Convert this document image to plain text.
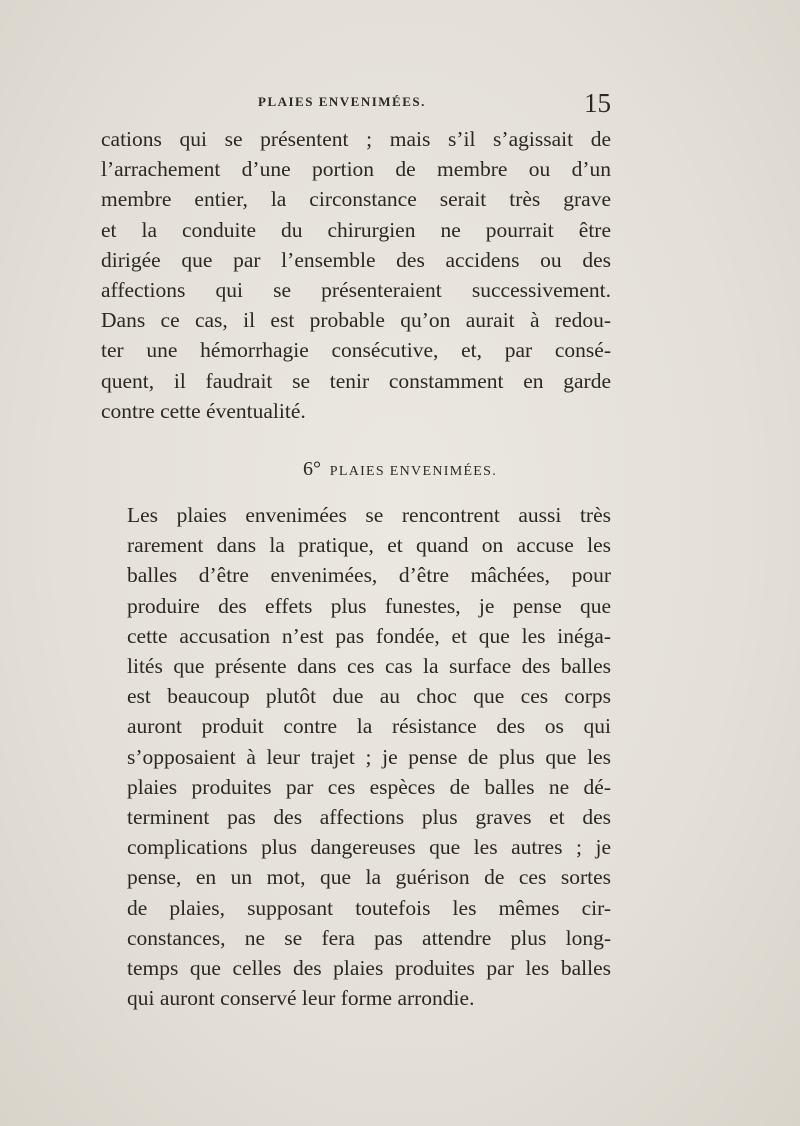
PLAIES ENVENIMÉES.	15
cations qui se présentent ; mais s’il s’agissait de
l’arrachement d’une portion de membre ou d’un
membre entier, la circonstance serait très grave
et la conduite du chirurgien ne pourrait être
dirigée que par l’ensemble des accidens ou des
affections qui se présenteraient successivement.
Dans ce cas, il est probable qu’on aurait à redou-
ter une hémorrhagie consécutive, et, par consé-
quent, il faudrait se tenir constamment en garde
contre cette éventualité.
6° PLAIES ENVENIMÉES.
Les plaies envenimées se rencontrent aussi très
rarement dans la pratique, et quand on accuse les
balles d’être envenimées, d’être mâchées, pour
produire des effets plus funestes, je pense que
cette accusation n’est pas fondée, et que les inéga-
lités que présente dans ces cas la surface des balles
est beaucoup plutôt due au choc que ces corps
auront produit contre la résistance des os qui
s’opposaient à leur trajet ; je pense de plus que les
plaies produites par ces espèces de balles ne dé-
terminent pas des affections plus graves et des
complications plus dangereuses que les autres ; je
pense, en un mot, que la guérison de ces sortes
de plaies, supposant toutefois les mêmes cir-
constances, ne se fera pas attendre plus long-
temps que celles des plaies produites par les balles
qui auront conservé leur forme arrondie.
